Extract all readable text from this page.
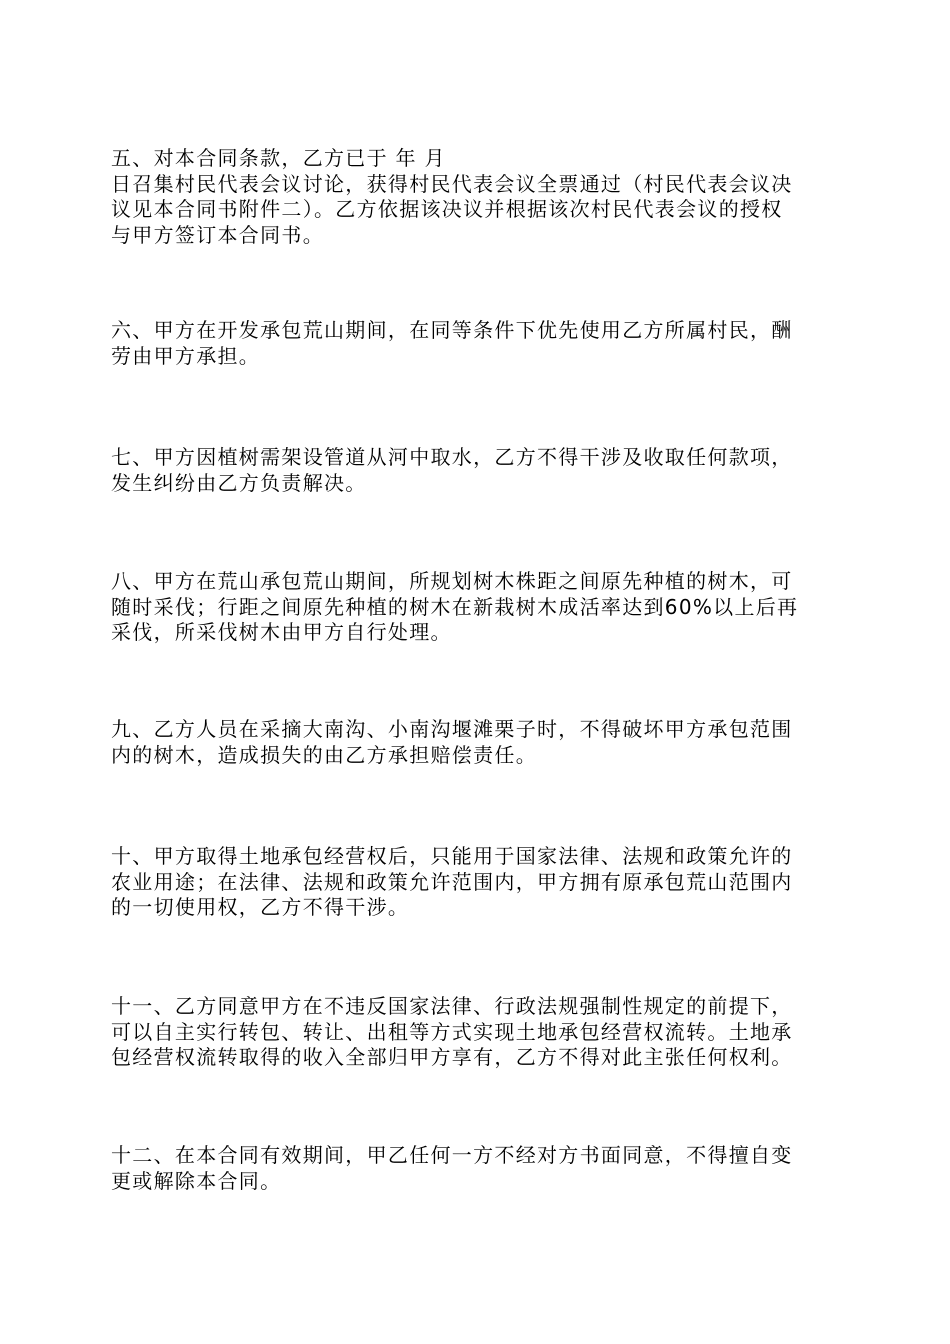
五、对本合同条款，乙方已于 年 月
日召集村民代表会议讨论，获得村民代表会议全票通过（村民代表会议决
议见本合同书附件二）。乙方依据该决议并根据该次村民代表会议的授权
与甲方签订本合同书。
六、甲方在开发承包荒山期间，在同等条件下优先使用乙方所属村民，酬
劳由甲方承担。
七、甲方因植树需架设管道从河中取水，乙方不得干涉及收取任何款项，
发生纠纷由乙方负责解决。
八、甲方在荒山承包荒山期间，所规划树木株距之间原先种植的树木，可
随时采伐；行距之间原先种植的树木在新栽树木成活率达到60%以上后再
采伐，所采伐树木由甲方自行处理。
九、乙方人员在采摘大南沟、小南沟堰滩栗子时，不得破坏甲方承包范围
内的树木，造成损失的由乙方承担赔偿责任。
十、甲方取得土地承包经营权后，只能用于国家法律、法规和政策允许的
农业用途；在法律、法规和政策允许范围内，甲方拥有原承包荒山范围内
的一切使用权，乙方不得干涉。
十一、乙方同意甲方在不违反国家法律、行政法规强制性规定的前提下，
可以自主实行转包、转让、出租等方式实现土地承包经营权流转。土地承
包经营权流转取得的收入全部归甲方享有，乙方不得对此主张任何权利。
十二、在本合同有效期间，甲乙任何一方不经对方书面同意，不得擅自变
更或解除本合同。
